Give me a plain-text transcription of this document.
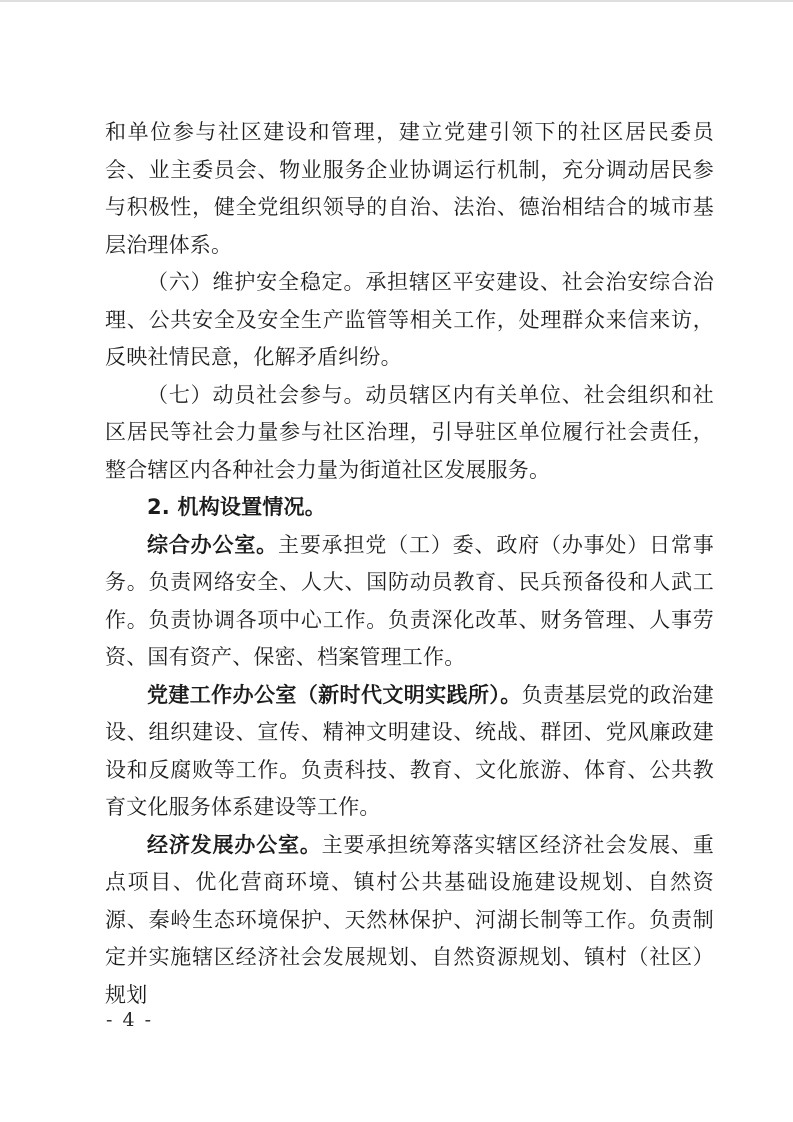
和单位参与社区建设和管理，建立党建引领下的社区居民委员会、业主委员会、物业服务企业协调运行机制，充分调动居民参与积极性，健全党组织领导的自治、法治、德治相结合的城市基层治理体系。

（六）维护安全稳定。承担辖区平安建设、社会治安综合治理、公共安全及安全生产监管等相关工作，处理群众来信来访，反映社情民意，化解矛盾纠纷。

（七）动员社会参与。动员辖区内有关单位、社会组织和社区居民等社会力量参与社区治理，引导驻区单位履行社会责任，整合辖区内各种社会力量为街道社区发展服务。

2. 机构设置情况。

综合办公室。主要承担党（工）委、政府（办事处）日常事务。负责网络安全、人大、国防动员教育、民兵预备役和人武工作。负责协调各项中心工作。负责深化改革、财务管理、人事劳资、国有资产、保密、档案管理工作。

党建工作办公室（新时代文明实践所）。负责基层党的政治建设、组织建设、宣传、精神文明建设、统战、群团、党风廉政建设和反腐败等工作。负责科技、教育、文化旅游、体育、公共教育文化服务体系建设等工作。

经济发展办公室。主要承担统筹落实辖区经济社会发展、重点项目、优化营商环境、镇村公共基础设施建设规划、自然资源、秦岭生态环境保护、天然林保护、河湖长制等工作。负责制定并实施辖区经济社会发展规划、自然资源规划、镇村（社区）规划

- 4 -
